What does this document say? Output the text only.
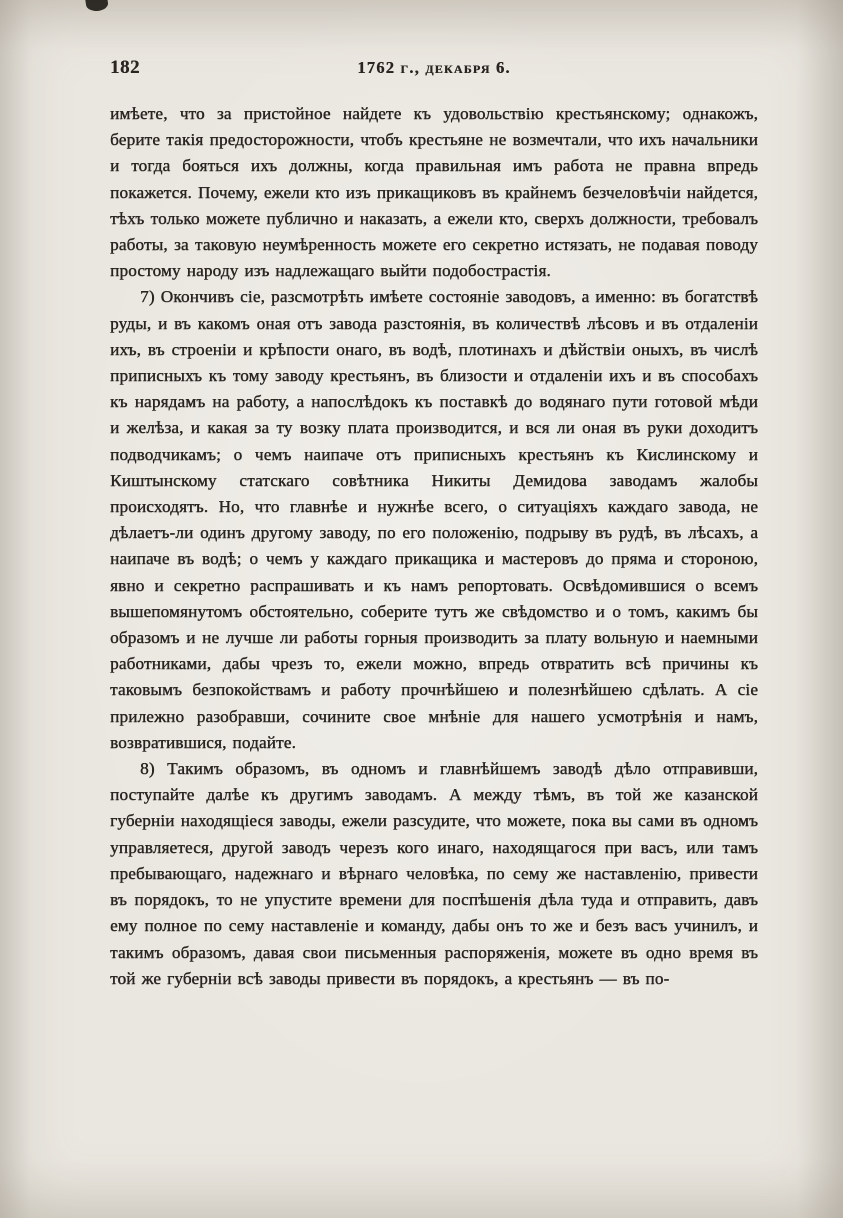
182	1762 г., декабря 6.

имѣете, что за пристойное найдете къ удовольствію крестьянскому; однакожъ, берите такія предосторожности, чтобъ крестьяне не возмечтали, что ихъ начальники и тогда бояться ихъ должны, когда правильная имъ работа не правна впредь покажется. Почему, ежели кто изъ прикащиковъ въ крайнемъ безчеловѣчіи найдется, тѣхъ только можете публично и наказать, а ежели кто, сверхъ должности, требовалъ работы, за таковую неумѣренность можете его секретно истязать, не подавая поводу простому народу изъ надлежащаго выйти подобострастія.

7) Окончивъ сіе, разсмотрѣть имѣете состояніе заводовъ, а именно: въ богатствѣ руды, и въ какомъ оная отъ завода разстоянія, въ количествѣ лѣсовъ и въ отдаленіи ихъ, въ строеніи и крѣпости онаго, въ водѣ, плотинахъ и дѣйствіи оныхъ, въ числѣ приписныхъ къ тому заводу крестьянъ, въ близости и отдаленіи ихъ и въ способахъ къ нарядамъ на работу, а напослѣдокъ къ поставкѣ до водянаго пути готовой мѣди и желѣза, и какая за ту возку плата производится, и вся ли оная въ руки доходитъ подводчикамъ; о чемъ наипаче отъ приписныхъ крестьянъ къ Кислинскому и Киштынскому статскаго совѣтника Никиты Демидова заводамъ жалобы происходятъ. Но, что главнѣе и нужнѣе всего, о ситуаціяхъ каждаго завода, не дѣлаетъ-ли одинъ другому заводу, по его положенію, подрыву въ рудѣ, въ лѣсахъ, а наипаче въ водѣ; о чемъ у каждаго прикащика и мастеровъ до пряма и стороною, явно и секретно распрашивать и къ намъ репортовать. Освѣдомившися о всемъ вышепомянутомъ обстоятельно, соберите тутъ же свѣдомство и о томъ, какимъ бы образомъ и не лучше ли работы горныя производить за плату вольную и наемными работниками, дабы чрезъ то, ежели можно, впредь отвратить всѣ причины къ таковымъ безпокойствамъ и работу прочнѣйшею и полезнѣйшею сдѣлать. А сіе прилежно разобравши, сочините свое мнѣніе для нашего усмотрѣнія и намъ, возвратившися, подайте.

8) Такимъ образомъ, въ одномъ и главнѣйшемъ заводѣ дѣло отправивши, поступайте далѣе къ другимъ заводамъ. А между тѣмъ, въ той же казанской губерніи находящіеся заводы, ежели разсудите, что можете, пока вы сами въ одномъ управляетеся, другой заводъ черезъ кого инаго, находящагося при васъ, или тамъ пребывающаго, надежнаго и вѣрнаго человѣка, по сему же наставленію, привести въ порядокъ, то не упустите времени для поспѣшенія дѣла туда и отправить, давъ ему полное по сему наставленіе и команду, дабы онъ то же и безъ васъ учинилъ, и такимъ образомъ, давая свои письменныя распоряженія, можете въ одно время въ той же губерніи всѣ заводы привести въ порядокъ, а крестьянъ — въ по-
